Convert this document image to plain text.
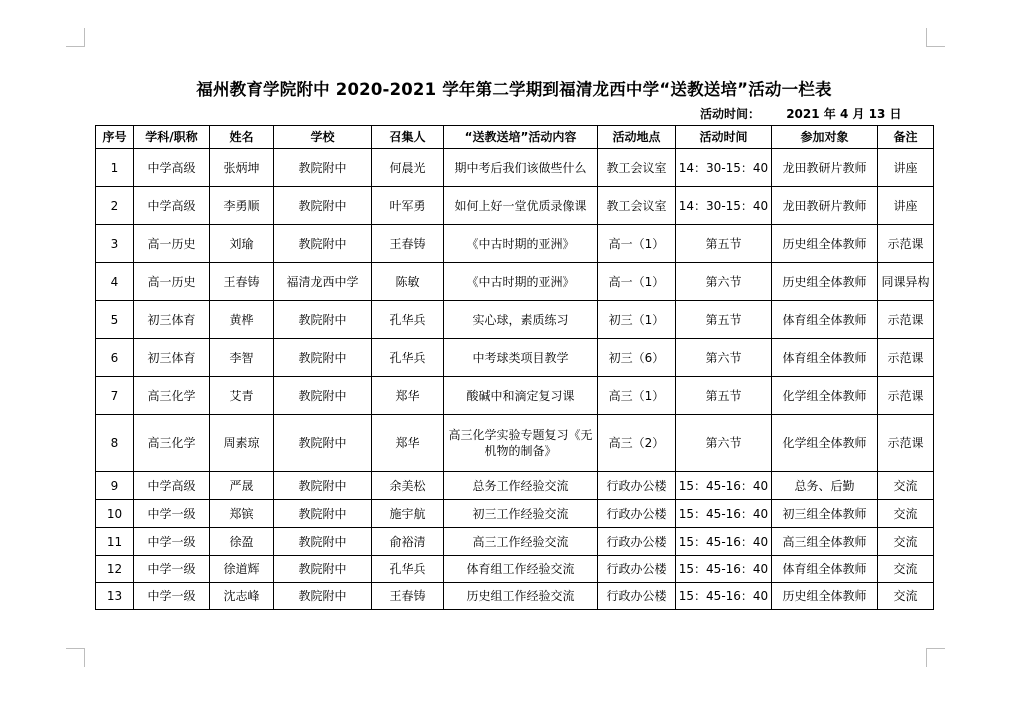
福州教育学院附中 2020-2021 学年第二学期到福清龙西中学“送教送培”活动一栏表
活动时间： 2021 年 4 月 13 日
序号	学科/职称	姓名	学校	召集人	“送教送培”活动内容	活动地点	活动时间	参加对象	备注
1	中学高级	张炳坤	教院附中	何晨光	期中考后我们该做些什么	教工会议室	14：30-15：40	龙田教研片教师	讲座
2	中学高级	李勇顺	教院附中	叶军勇	如何上好一堂优质录像课	教工会议室	14：30-15：40	龙田教研片教师	讲座
3	高一历史	刘瑜	教院附中	王春铸	《中古时期的亚洲》	高一（1）	第五节	历史组全体教师	示范课
4	高一历史	王春铸	福清龙西中学	陈敏	《中古时期的亚洲》	高一（1）	第六节	历史组全体教师	同课异构
5	初三体育	黄桦	教院附中	孔华兵	实心球，素质练习	初三（1）	第五节	体育组全体教师	示范课
6	初三体育	李智	教院附中	孔华兵	中考球类项目教学	初三（6）	第六节	体育组全体教师	示范课
7	高三化学	艾青	教院附中	郑华	酸碱中和滴定复习课	高三（1）	第五节	化学组全体教师	示范课
8	高三化学	周素琼	教院附中	郑华	高三化学实验专题复习《无机物的制备》	高三（2）	第六节	化学组全体教师	示范课
9	中学高级	严晟	教院附中	余美松	总务工作经验交流	行政办公楼	15：45-16：40	总务、后勤	交流
10	中学一级	郑镔	教院附中	施宇航	初三工作经验交流	行政办公楼	15：45-16：40	初三组全体教师	交流
11	中学一级	徐盈	教院附中	俞裕清	高三工作经验交流	行政办公楼	15：45-16：40	高三组全体教师	交流
12	中学一级	徐道辉	教院附中	孔华兵	体育组工作经验交流	行政办公楼	15：45-16：40	体育组全体教师	交流
13	中学一级	沈志峰	教院附中	王春铸	历史组工作经验交流	行政办公楼	15：45-16：40	历史组全体教师	交流
